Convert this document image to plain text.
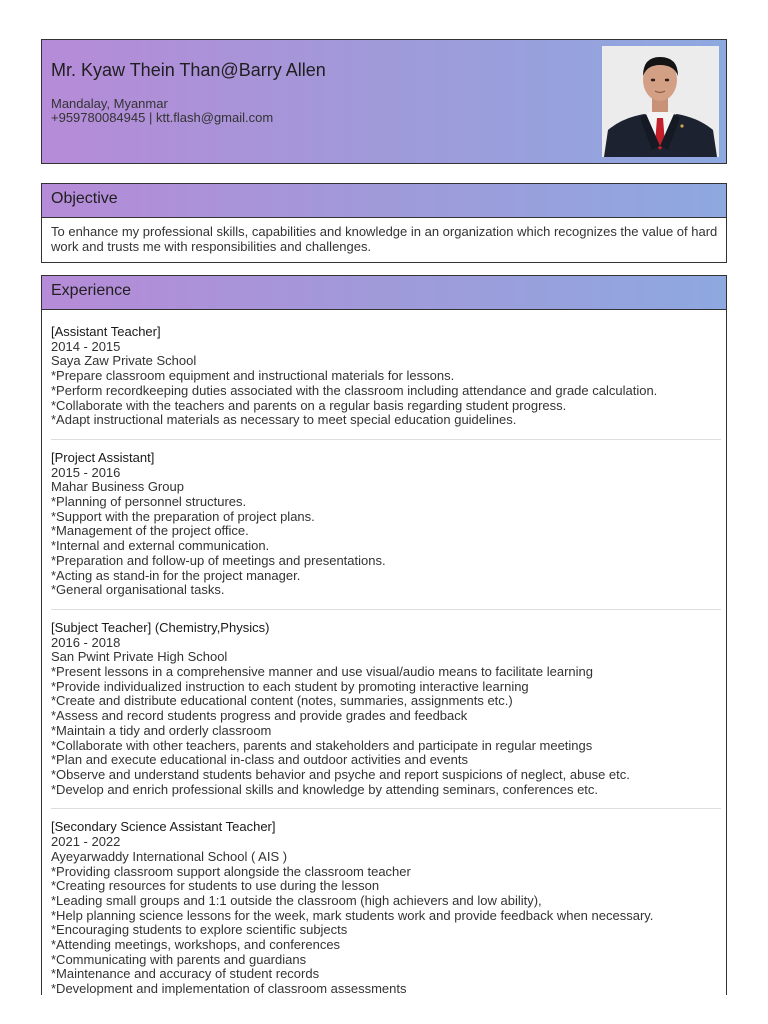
Mr. Kyaw Thein Than@Barry Allen
Mandalay, Myanmar
+959780084945 | ktt.flash@gmail.com
Objective

To enhance my professional skills, capabilities and knowledge in an organization which recognizes the value of hard work and trusts me with responsibilities and challenges.

Experience
[Assistant Teacher]
2014 - 2015
Saya Zaw Private School
*Prepare classroom equipment and instructional materials for lessons.
*Perform recordkeeping duties associated with the classroom including attendance and grade calculation.
*Collaborate with the teachers and parents on a regular basis regarding student progress.
*Adapt instructional materials as necessary to meet special education guidelines.
[Project Assistant]
2015 - 2016
Mahar Business Group
*Planning of personnel structures.
*Support with the preparation of project plans.
*Management of the project office.
*Internal and external communication.
*Preparation and follow-up of meetings and presentations.
*Acting as stand-in for the project manager.
*General organisational tasks.
[Subject Teacher] (Chemistry,Physics)
2016 - 2018
San Pwint Private High School
*Present lessons in a comprehensive manner and use visual/audio means to facilitate learning
*Provide individualized instruction to each student by promoting interactive learning
*Create and distribute educational content (notes, summaries, assignments etc.)
*Assess and record students progress and provide grades and feedback
*Maintain a tidy and orderly classroom
*Collaborate with other teachers, parents and stakeholders and participate in regular meetings
*Plan and execute educational in-class and outdoor activities and events
*Observe and understand students behavior and psyche and report suspicions of neglect, abuse etc.
*Develop and enrich professional skills and knowledge by attending seminars, conferences etc.
[Secondary Science Assistant Teacher]
2021 - 2022
Ayeyarwaddy International School ( AIS )
*Providing classroom support alongside the classroom teacher
*Creating resources for students to use during the lesson
*Leading small groups and 1:1 outside the classroom (high achievers and low ability),
*Help planning science lessons for the week, mark students work and provide feedback when necessary.
*Encouraging students to explore scientific subjects
*Attending meetings, workshops, and conferences
*Communicating with parents and guardians
*Maintenance and accuracy of student records
*Development and implementation of classroom assessments
